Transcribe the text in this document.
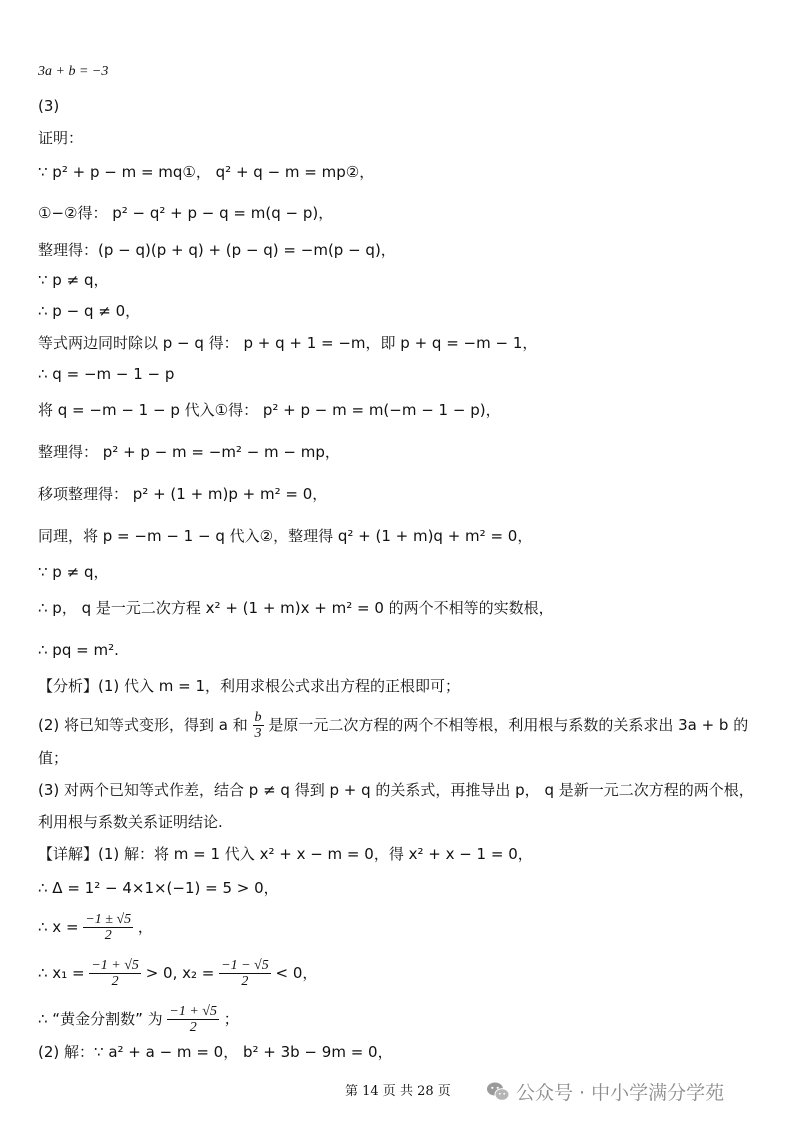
3a + b = −3
(3)
证明：
∵ p² + p − m = mq①， q² + q − m = mp②，
①−②得： p² − q² + p − q = m(q − p)，
整理得：(p − q)(p + q) + (p − q) = −m(p − q)，
∵ p ≠ q，
∴ p − q ≠ 0，
等式两边同时除以 p − q 得： p + q + 1 = −m，即 p + q = −m − 1，
∴ q = −m − 1 − p
将 q = −m − 1 − p 代入①得： p² + p − m = m(−m − 1 − p)，
整理得： p² + p − m = −m² − m − mp，
移项整理得： p² + (1 + m)p + m² = 0，
同理，将 p = −m − 1 − q 代入②，整理得 q² + (1 + m)q + m² = 0，
∵ p ≠ q，
∴ p， q 是一元二次方程 x² + (1 + m)x + m² = 0 的两个不相等的实数根，
∴ pq = m².
【分析】(1) 代入 m = 1，利用求根公式求出方程的正根即可；
(2) 将已知等式变形，得到 a 和 $\frac{b}{3}$ 是原一元二次方程的两个不相等根，利用根与系数的关系求出 3a + b 的
值；
(3) 对两个已知等式作差，结合 p ≠ q 得到 p + q 的关系式，再推导出 p， q 是新一元二次方程的两个根，
利用根与系数关系证明结论.
【详解】(1) 解：将 m = 1 代入 x² + x − m = 0，得 x² + x − 1 = 0，
∴ Δ = 1² − 4×1×(−1) = 5 > 0，
∴ $x = \frac{-1 \pm √5}{2}$ ，
∴ $x_1 = \frac{-1 + √5}{2} > 0$, $x_2 = \frac{-1 - √5}{2} < 0$，
∴ “黄金分割数” 为 $\frac{-1 + √5}{2}$ ；
(2) 解：∵ a² + a − m = 0， b² + 3b − 9m = 0，
第 14 页 共 28 页	公众号 · 中小学满分学苑
